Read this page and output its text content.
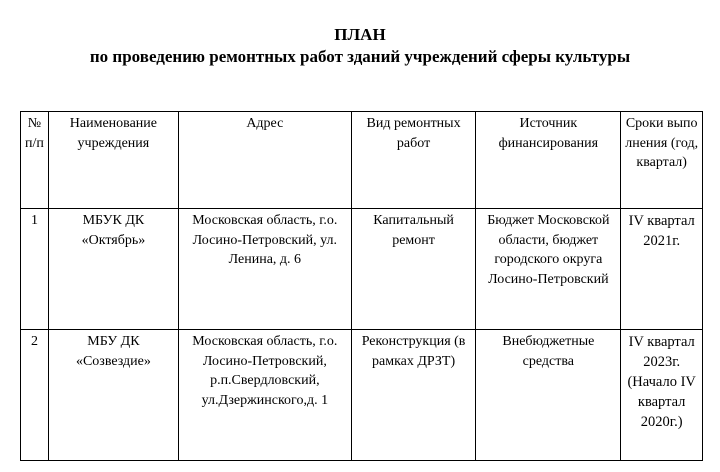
ПЛАН
по проведению ремонтных работ зданий учреждений сферы культуры
№ п/п	Наименование учреждения	Адрес	Вид ремонтных работ	Источник финансирования	Сроки выполнения (год, квартал)
1	МБУК ДК «Октябрь»	Московская область, г.о. Лосино-Петровский, ул. Ленина, д. 6	Капитальный ремонт	Бюджет Московской области, бюджет городского округа Лосино-Петровский	IV квартал 2021г.
2	МБУ ДК «Созвездие»	Московская область, г.о. Лосино-Петровский, р.п.Свердловский, ул.Дзержинского,д. 1	Реконструкция (в рамках ДРЗТ)	Внебюджетные средства	IV квартал 2023г. (Начало IV квартал 2020г.)
